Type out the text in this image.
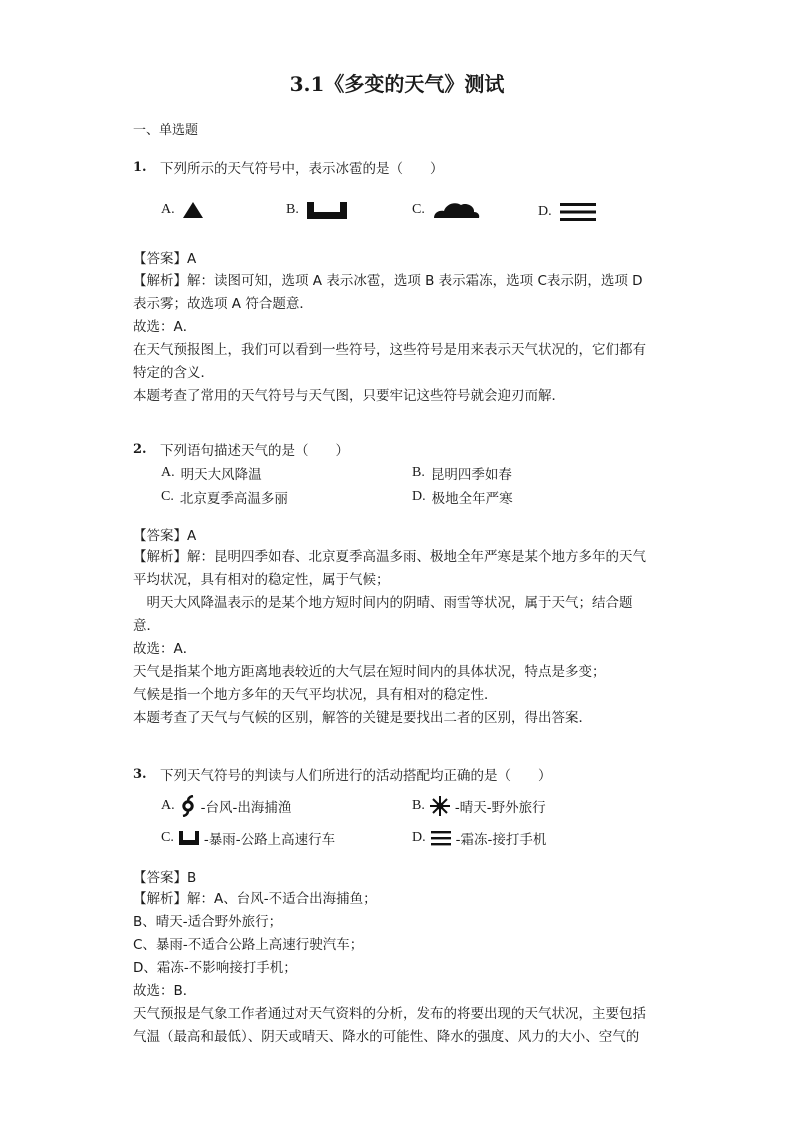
3.1《多变的天气》测试
一、单选题
1. 下列所示的天气符号中，表示冰雹的是（　　）
A.	B.	C.	D.
【答案】A
【解析】解：读图可知，选项 A 表示冰雹，选项 B 表示霜冻，选项 C表示阴，选项 D
表示雾；故选项 A 符合题意．
故选：A．
在天气预报图上，我们可以看到一些符号，这些符号是用来表示天气状况的，它们都有
特定的含义．
本题考查了常用的天气符号与天气图，只要牢记这些符号就会迎刃而解．
2. 下列语句描述天气的是（　　）
A. 明天大风降温	B. 昆明四季如春
C. 北京夏季高温多丽	D. 极地全年严寒
【答案】A
【解析】解：昆明四季如春、北京夏季高温多雨、极地全年严寒是某个地方多年的天气
平均状况，具有相对的稳定性，属于气候；
　明天大风降温表示的是某个地方短时间内的阴晴、雨雪等状况，属于天气；结合题
意．
故选：A．
天气是指某个地方距离地表较近的大气层在短时间内的具体状况，特点是多变；
气候是指一个地方多年的天气平均状况，具有相对的稳定性．
本题考查了天气与气候的区别，解答的关键是要找出二者的区别，得出答案．
3. 下列天气符号的判读与人们所进行的活动搭配均正确的是（　　）
A. -台风-出海捕渔	B. -晴天-野外旅行
C. -暴雨-公路上高速行车	D. -霜冻-接打手机
【答案】B
【解析】解：A、台风-不适合出海捕鱼；
B、晴天-适合野外旅行；
C、暴雨-不适合公路上高速行驶汽车；
D、霜冻-不影响接打手机；
故选：B．
天气预报是气象工作者通过对天气资料的分析，发布的将要出现的天气状况，主要包括
气温（最高和最低）、阴天或晴天、降水的可能性、降水的强度、风力的大小、空气的
